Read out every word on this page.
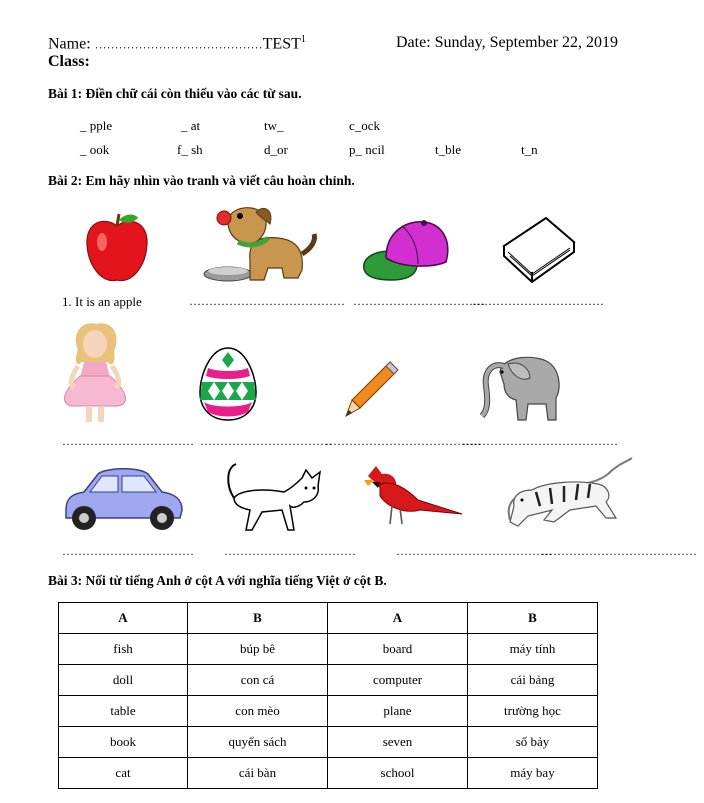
Name: ……………………………………TEST$^1$	Date: Sunday, September 22, 2019
Class:
Bài 1: Điền chữ cái còn thiếu vào các từ sau.
_ pple	_ at	tw_	c_ock
_ ook	f_ sh	d_or	p_ ncil	t_ble	t_n
Bài 2: Em hãy nhìn vào tranh và viết câu hoàn chỉnh.
1. It is an apple	………………………………… ……………………………
……………………………
…………………………… ……………………………
…………………………………
…………………………………
……………………………	……………………………	…………………………………
…………………………………
Bài 3: Nối từ tiếng Anh ở cột A với nghĩa tiếng Việt ở cột B.
A	B	A	B
fish	búp bê	board	máy tính
doll	con cá	computer	cái bảng
table	con mèo	plane	trường học
book	quyển sách	seven	số bảy
cat	cái bàn	school	máy bay
